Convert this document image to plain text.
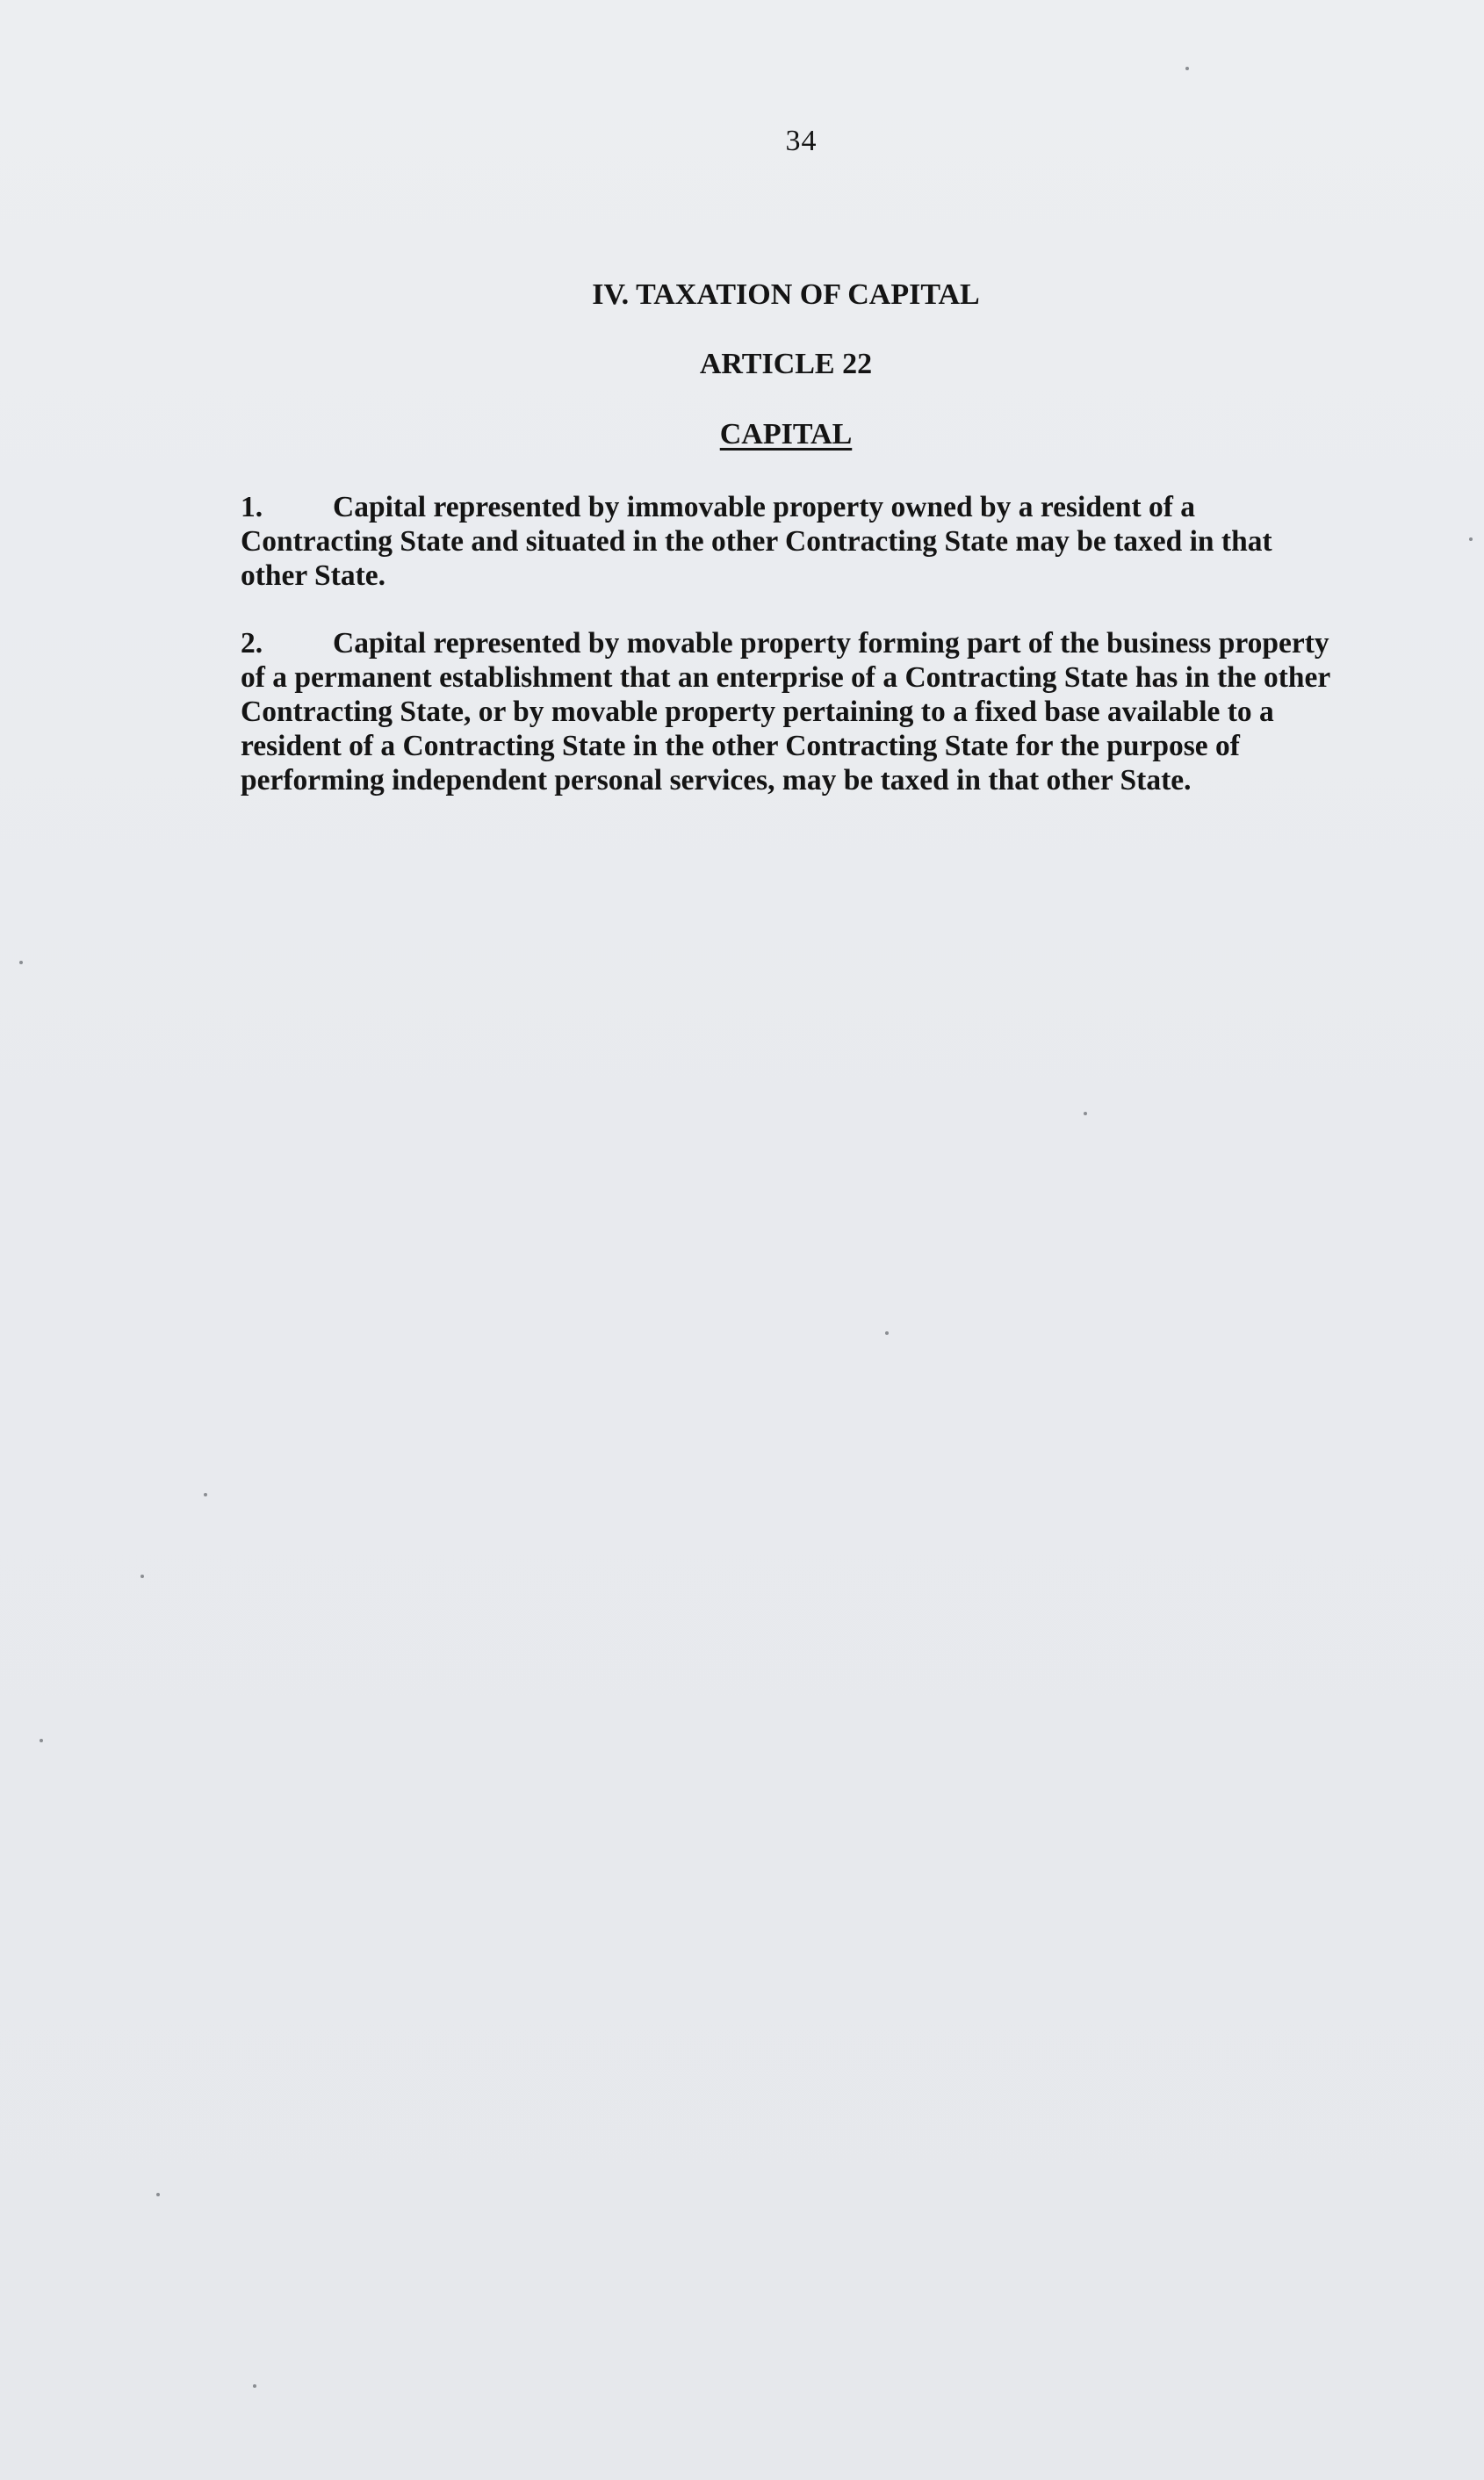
34
IV. TAXATION OF CAPITAL
ARTICLE 22
CAPITAL
1. Capital represented by immovable property owned by a resident of a
Contracting State and situated in the other Contracting State may be taxed in that
other State.
2. Capital represented by movable property forming part of the business property
of a permanent establishment that an enterprise of a Contracting State has in the other
Contracting State, or by movable property pertaining to a fixed base available to a
resident of a Contracting State in the other Contracting State for the purpose of
performing independent personal services, may be taxed in that other State.
